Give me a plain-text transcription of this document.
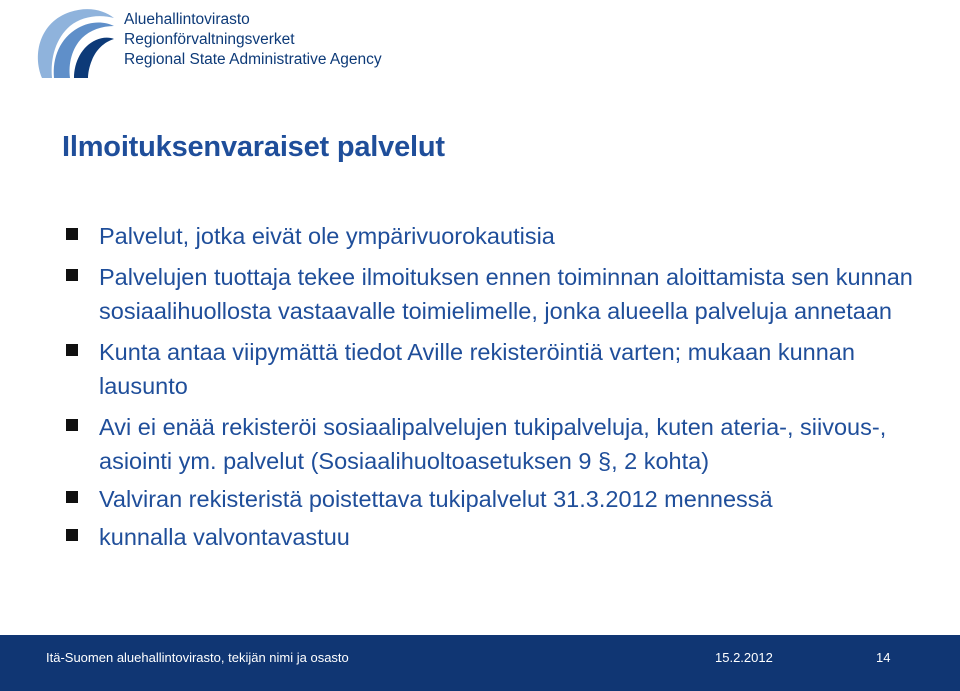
Aluehallintovirasto
Regionförvaltningsverket
Regional State Administrative Agency
Ilmoituksenvaraiset palvelut
Palvelut, jotka eivät ole ympärivuorokautisia
Palvelujen tuottaja tekee ilmoituksen ennen toiminnan aloittamista sen kunnan sosiaalihuollosta vastaavalle toimielimelle, jonka alueella palveluja annetaan
Kunta antaa viipymättä tiedot Aville rekisteröintiä varten; mukaan kunnan lausunto
Avi ei enää rekisteröi sosiaalipalvelujen tukipalveluja, kuten ateria-, siivous-, asiointi ym. palvelut (Sosiaalihuoltoasetuksen 9 §, 2 kohta)
Valviran rekisteristä poistettava tukipalvelut 31.3.2012 mennessä
kunnalla valvontavastuu
Itä-Suomen aluehallintovirasto, tekijän nimi ja osasto	15.2.2012	14
